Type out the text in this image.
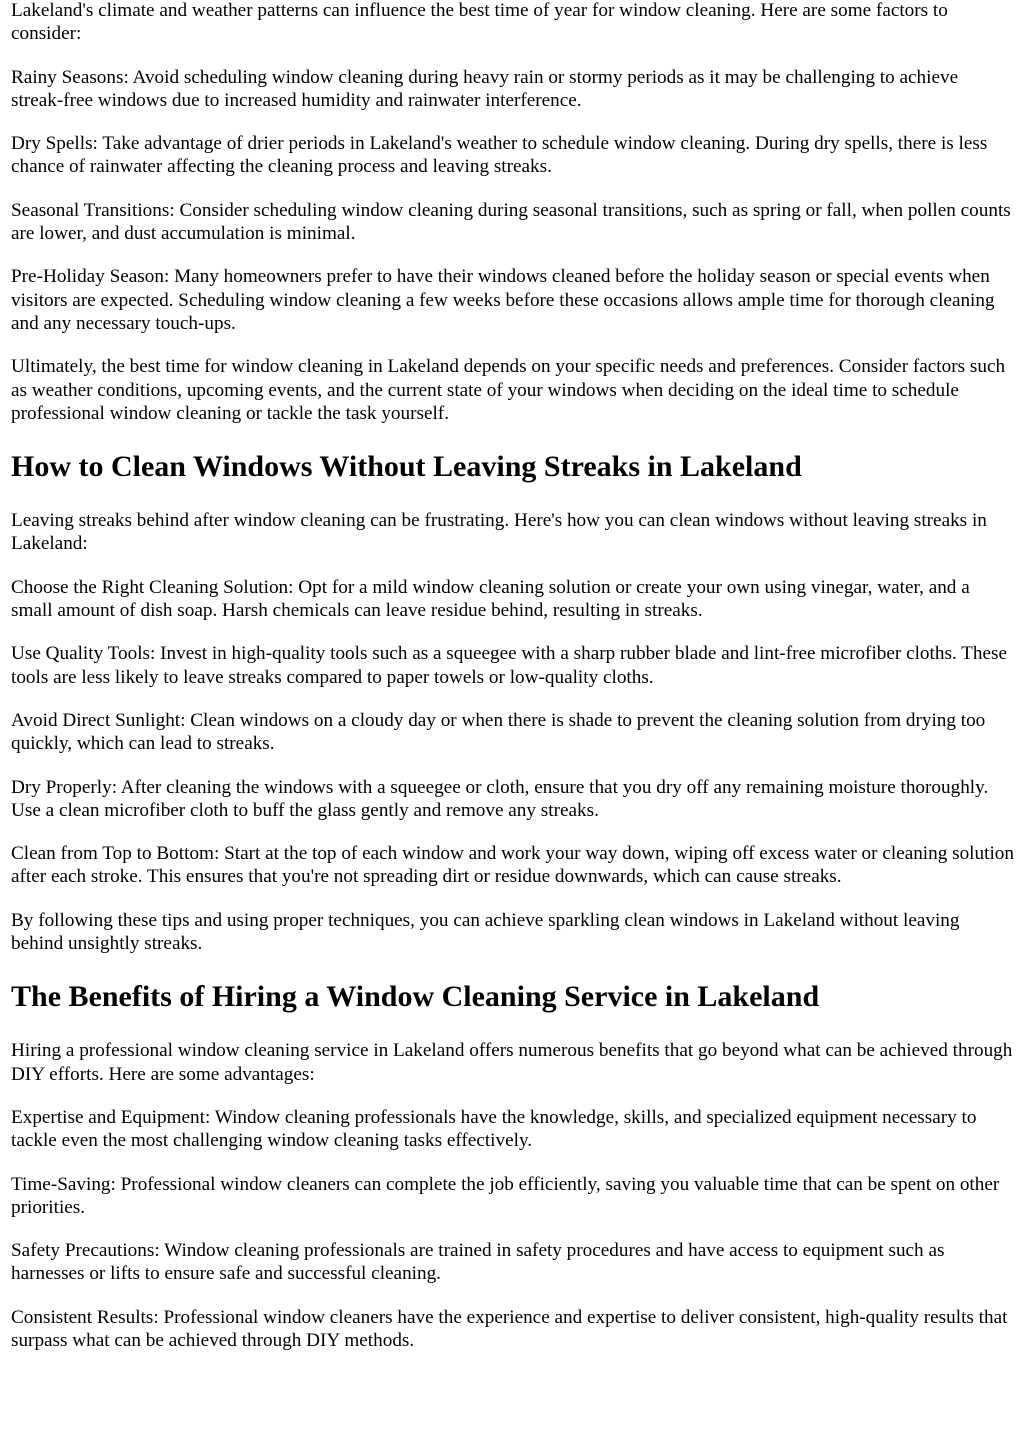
Lakeland's climate and weather patterns can influence the best time of year for window cleaning. Here are some factors to consider:

Rainy Seasons: Avoid scheduling window cleaning during heavy rain or stormy periods as it may be challenging to achieve streak-free windows due to increased humidity and rainwater interference.

Dry Spells: Take advantage of drier periods in Lakeland's weather to schedule window cleaning. During dry spells, there is less chance of rainwater affecting the cleaning process and leaving streaks.

Seasonal Transitions: Consider scheduling window cleaning during seasonal transitions, such as spring or fall, when pollen counts are lower, and dust accumulation is minimal.

Pre-Holiday Season: Many homeowners prefer to have their windows cleaned before the holiday season or special events when visitors are expected. Scheduling window cleaning a few weeks before these occasions allows ample time for thorough cleaning and any necessary touch-ups.

Ultimately, the best time for window cleaning in Lakeland depends on your specific needs and preferences. Consider factors such as weather conditions, upcoming events, and the current state of your windows when deciding on the ideal time to schedule professional window cleaning or tackle the task yourself.

How to Clean Windows Without Leaving Streaks in Lakeland

Leaving streaks behind after window cleaning can be frustrating. Here's how you can clean windows without leaving streaks in Lakeland:

Choose the Right Cleaning Solution: Opt for a mild window cleaning solution or create your own using vinegar, water, and a small amount of dish soap. Harsh chemicals can leave residue behind, resulting in streaks.

Use Quality Tools: Invest in high-quality tools such as a squeegee with a sharp rubber blade and lint-free microfiber cloths. These tools are less likely to leave streaks compared to paper towels or low-quality cloths.

Avoid Direct Sunlight: Clean windows on a cloudy day or when there is shade to prevent the cleaning solution from drying too quickly, which can lead to streaks.

Dry Properly: After cleaning the windows with a squeegee or cloth, ensure that you dry off any remaining moisture thoroughly. Use a clean microfiber cloth to buff the glass gently and remove any streaks.

Clean from Top to Bottom: Start at the top of each window and work your way down, wiping off excess water or cleaning solution after each stroke. This ensures that you're not spreading dirt or residue downwards, which can cause streaks.

By following these tips and using proper techniques, you can achieve sparkling clean windows in Lakeland without leaving behind unsightly streaks.

The Benefits of Hiring a Window Cleaning Service in Lakeland

Hiring a professional window cleaning service in Lakeland offers numerous benefits that go beyond what can be achieved through DIY efforts. Here are some advantages:

Expertise and Equipment: Window cleaning professionals have the knowledge, skills, and specialized equipment necessary to tackle even the most challenging window cleaning tasks effectively.

Time-Saving: Professional window cleaners can complete the job efficiently, saving you valuable time that can be spent on other priorities.

Safety Precautions: Window cleaning professionals are trained in safety procedures and have access to equipment such as harnesses or lifts to ensure safe and successful cleaning.

Consistent Results: Professional window cleaners have the experience and expertise to deliver consistent, high-quality results that surpass what can be achieved through DIY methods.
